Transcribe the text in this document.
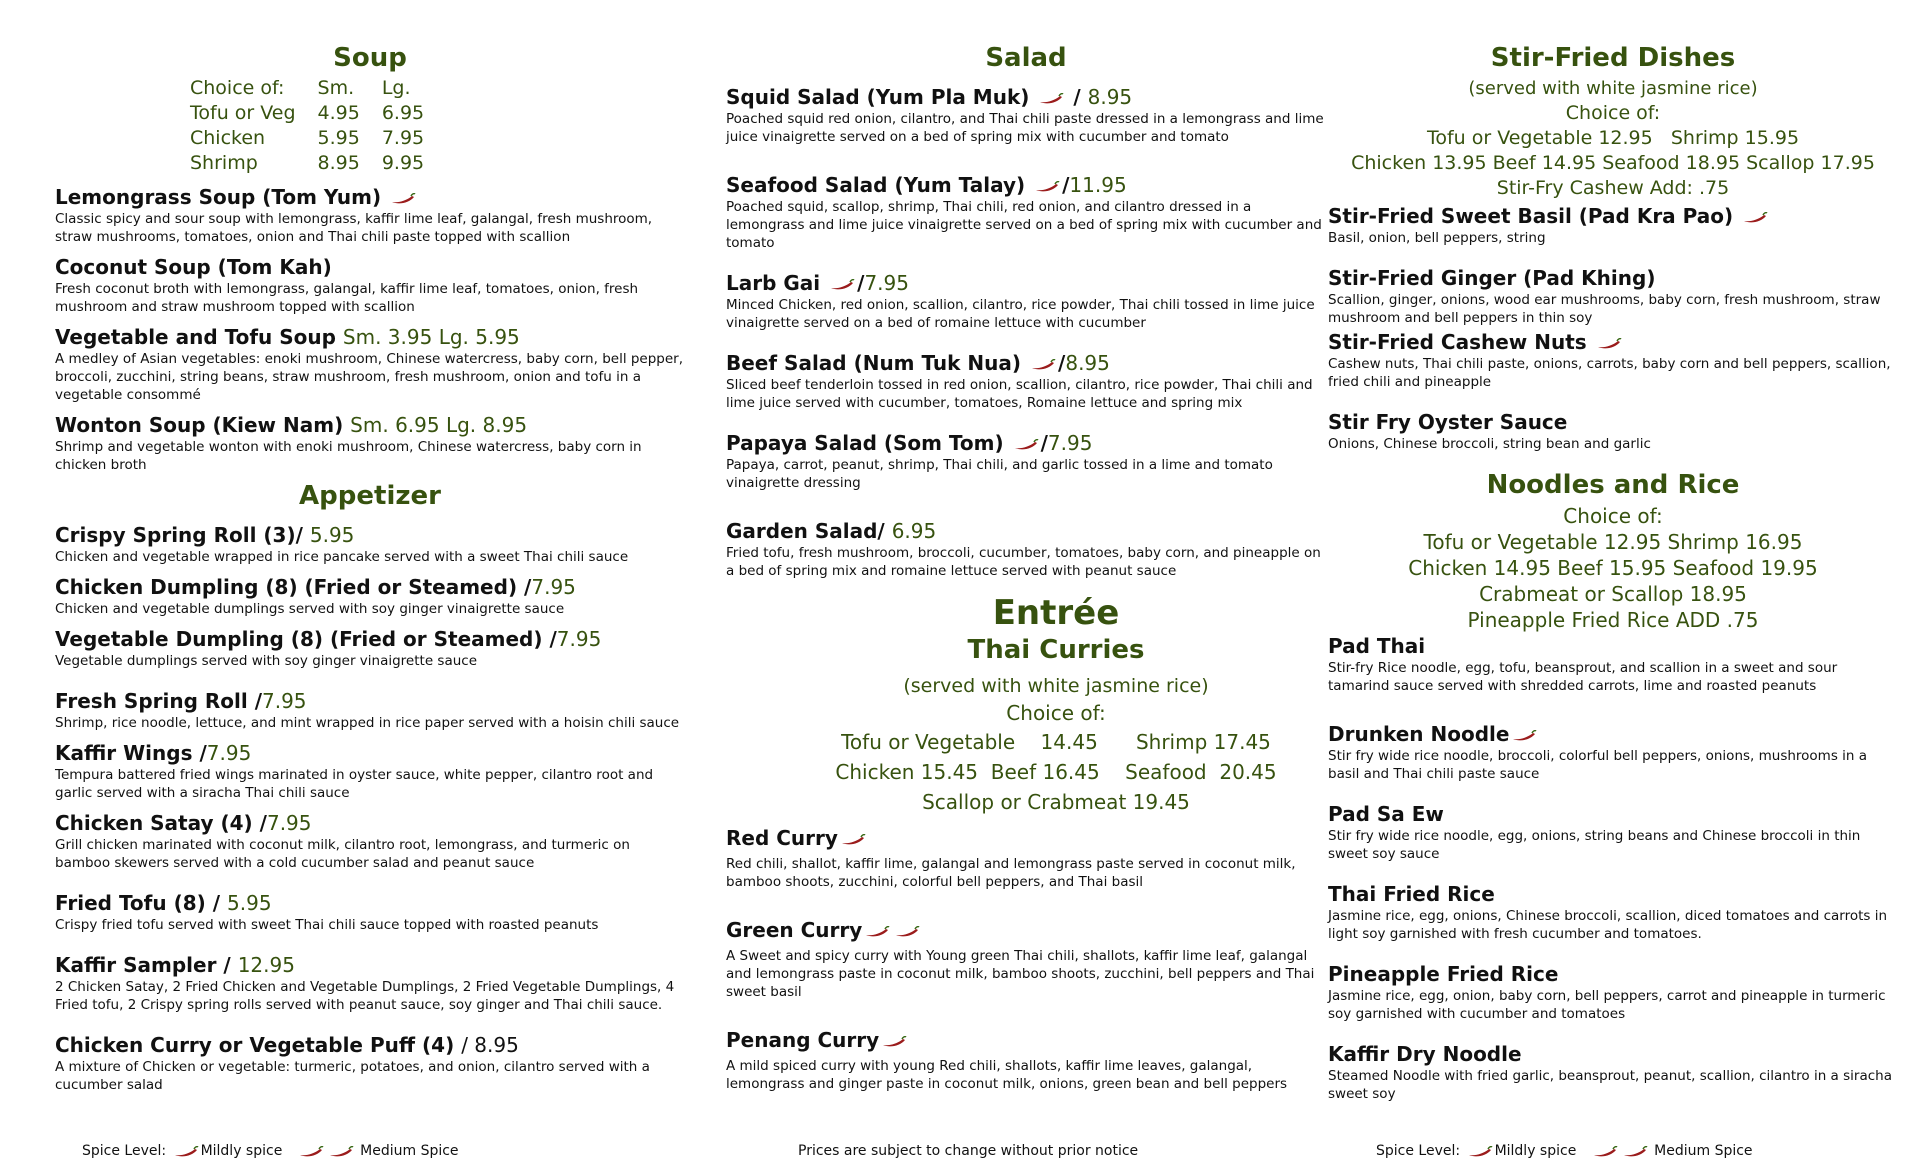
Soup
Choice of:	Sm.	Lg.
Tofu or Veg	4.95	6.95
Chicken	5.95	7.95
Shrimp	8.95	9.95
Lemongrass Soup (Tom Yum)

Classic spicy and sour soup with lemongrass, kaffir lime leaf, galangal, fresh mushroom, straw mushrooms, tomatoes, onion and Thai chili paste topped with scallion

Coconut Soup (Tom Kah)

Fresh coconut broth with lemongrass, galangal, kaffir lime leaf, tomatoes, onion, fresh mushroom and straw mushroom topped with scallion

Vegetable and Tofu Soup Sm. 3.95 Lg. 5.95

A medley of Asian vegetables: enoki mushroom, Chinese watercress, baby corn, bell pepper, broccoli, zucchini, string beans, straw mushroom, fresh mushroom, onion and tofu in a vegetable consommé

Wonton Soup (Kiew Nam) Sm. 6.95 Lg. 8.95

Shrimp and vegetable wonton with enoki mushroom, Chinese watercress, baby corn in chicken broth

Appetizer
Crispy Spring Roll (3)/ 5.95

Chicken and vegetable wrapped in rice pancake served with a sweet Thai chili sauce

Chicken Dumpling (8) (Fried or Steamed) /7.95

Chicken and vegetable dumplings served with soy ginger vinaigrette sauce

Vegetable Dumpling (8) (Fried or Steamed) /7.95

Vegetable dumplings served with soy ginger vinaigrette sauce

Fresh Spring Roll /7.95

Shrimp, rice noodle, lettuce, and mint wrapped in rice paper served with a hoisin chili sauce

Kaffir Wings /7.95

Tempura battered fried wings marinated in oyster sauce, white pepper, cilantro root and garlic served with a siracha Thai chili sauce

Chicken Satay (4) /7.95

Grill chicken marinated with coconut milk, cilantro root, lemongrass, and turmeric on bamboo skewers served with a cold cucumber salad and peanut sauce

Fried Tofu (8) / 5.95

Crispy fried tofu served with sweet Thai chili sauce topped with roasted peanuts

Kaffir Sampler / 12.95

2 Chicken Satay, 2 Fried Chicken and Vegetable Dumplings, 2 Fried Vegetable Dumplings, 4 Fried tofu, 2 Crispy spring rolls served with peanut sauce, soy ginger and Thai chili sauce.

Chicken Curry or Vegetable Puff (4) / 8.95

A mixture of Chicken or vegetable: turmeric, potatoes, and onion, cilantro served with a cucumber salad

Salad
Squid Salad (Yum Pla Muk) / 8.95

Poached squid red onion, cilantro, and Thai chili paste dressed in a lemongrass and lime juice vinaigrette served on a bed of spring mix with cucumber and tomato

Seafood Salad (Yum Talay) /11.95

Poached squid, scallop, shrimp, Thai chili, red onion, and cilantro dressed in a lemongrass and lime juice vinaigrette served on a bed of spring mix with cucumber and tomato

Larb Gai /7.95

Minced Chicken, red onion, scallion, cilantro, rice powder, Thai chili tossed in lime juice vinaigrette served on a bed of romaine lettuce with cucumber

Beef Salad (Num Tuk Nua) /8.95

Sliced beef tenderloin tossed in red onion, scallion, cilantro, rice powder, Thai chili and lime juice served with cucumber, tomatoes, Romaine lettuce and spring mix

Papaya Salad (Som Tom) /7.95

Papaya, carrot, peanut, shrimp, Thai chili, and garlic tossed in a lime and tomato vinaigrette dressing

Garden Salad/ 6.95

Fried tofu, fresh mushroom, broccoli, cucumber, tomatoes, baby corn, and pineapple on a bed of spring mix and romaine lettuce served with peanut sauce

Entrée
Thai Curries
(served with white jasmine rice)
Choice of:
Tofu or Vegetable    14.45      Shrimp 17.45
Chicken 15.45  Beef 16.45    Seafood  20.45
Scallop or Crabmeat 19.45
Red Curry

Red chili, shallot, kaffir lime, galangal and lemongrass paste served in coconut milk, bamboo shoots, zucchini, colorful bell peppers, and Thai basil

Green Curry

A Sweet and spicy curry with Young green Thai chili, shallots, kaffir lime leaf, galangal and lemongrass paste in coconut milk, bamboo shoots, zucchini, bell peppers and Thai sweet basil

Penang Curry

A mild spiced curry with young Red chili, shallots, kaffir lime leaves, galangal, lemongrass and ginger paste in coconut milk, onions, green bean and bell peppers

Stir-Fried Dishes
(served with white jasmine rice)
Choice of:
Tofu or Vegetable 12.95   Shrimp 15.95
Chicken 13.95 Beef 14.95 Seafood 18.95 Scallop 17.95
Stir-Fry Cashew Add: .75
Stir-Fried Sweet Basil (Pad Kra Pao)

Basil, onion, bell peppers, string

Stir-Fried Ginger (Pad Khing)

Scallion, ginger, onions, wood ear mushrooms, baby corn, fresh mushroom, straw mushroom and bell peppers in thin soy

Stir-Fried Cashew Nuts

Cashew nuts, Thai chili paste, onions, carrots, baby corn and bell peppers, scallion, fried chili and pineapple

Stir Fry Oyster Sauce

Onions, Chinese broccoli, string bean and garlic

Noodles and Rice
Choice of:
Tofu or Vegetable 12.95 Shrimp 16.95
Chicken 14.95 Beef 15.95 Seafood 19.95
Crabmeat or Scallop 18.95
Pineapple Fried Rice ADD .75
Pad Thai

Stir-fry Rice noodle, egg, tofu, beansprout, and scallion in a sweet and sour tamarind sauce served with shredded carrots, lime and roasted peanuts

Drunken Noodle

Stir fry wide rice noodle, broccoli, colorful bell peppers, onions, mushrooms in a basil and Thai chili paste sauce

Pad Sa Ew

Stir fry wide rice noodle, egg, onions, string beans and Chinese broccoli in thin sweet soy sauce

Thai Fried Rice

Jasmine rice, egg, onions, Chinese broccoli, scallion, diced tomatoes and carrots in light soy garnished with fresh cucumber and tomatoes.

Pineapple Fried Rice

Jasmine rice, egg, onion, baby corn, bell peppers, carrot and pineapple in turmeric soy garnished with cucumber and tomatoes

Kaffir Dry Noodle

Steamed Noodle with fried garlic, beansprout, peanut, scallion, cilantro in a siracha sweet soy

Spice Level: Mildly spice	Medium Spice	Prices are subject to change without prior notice	Spice Level: Mildly spice	Medium Spice
